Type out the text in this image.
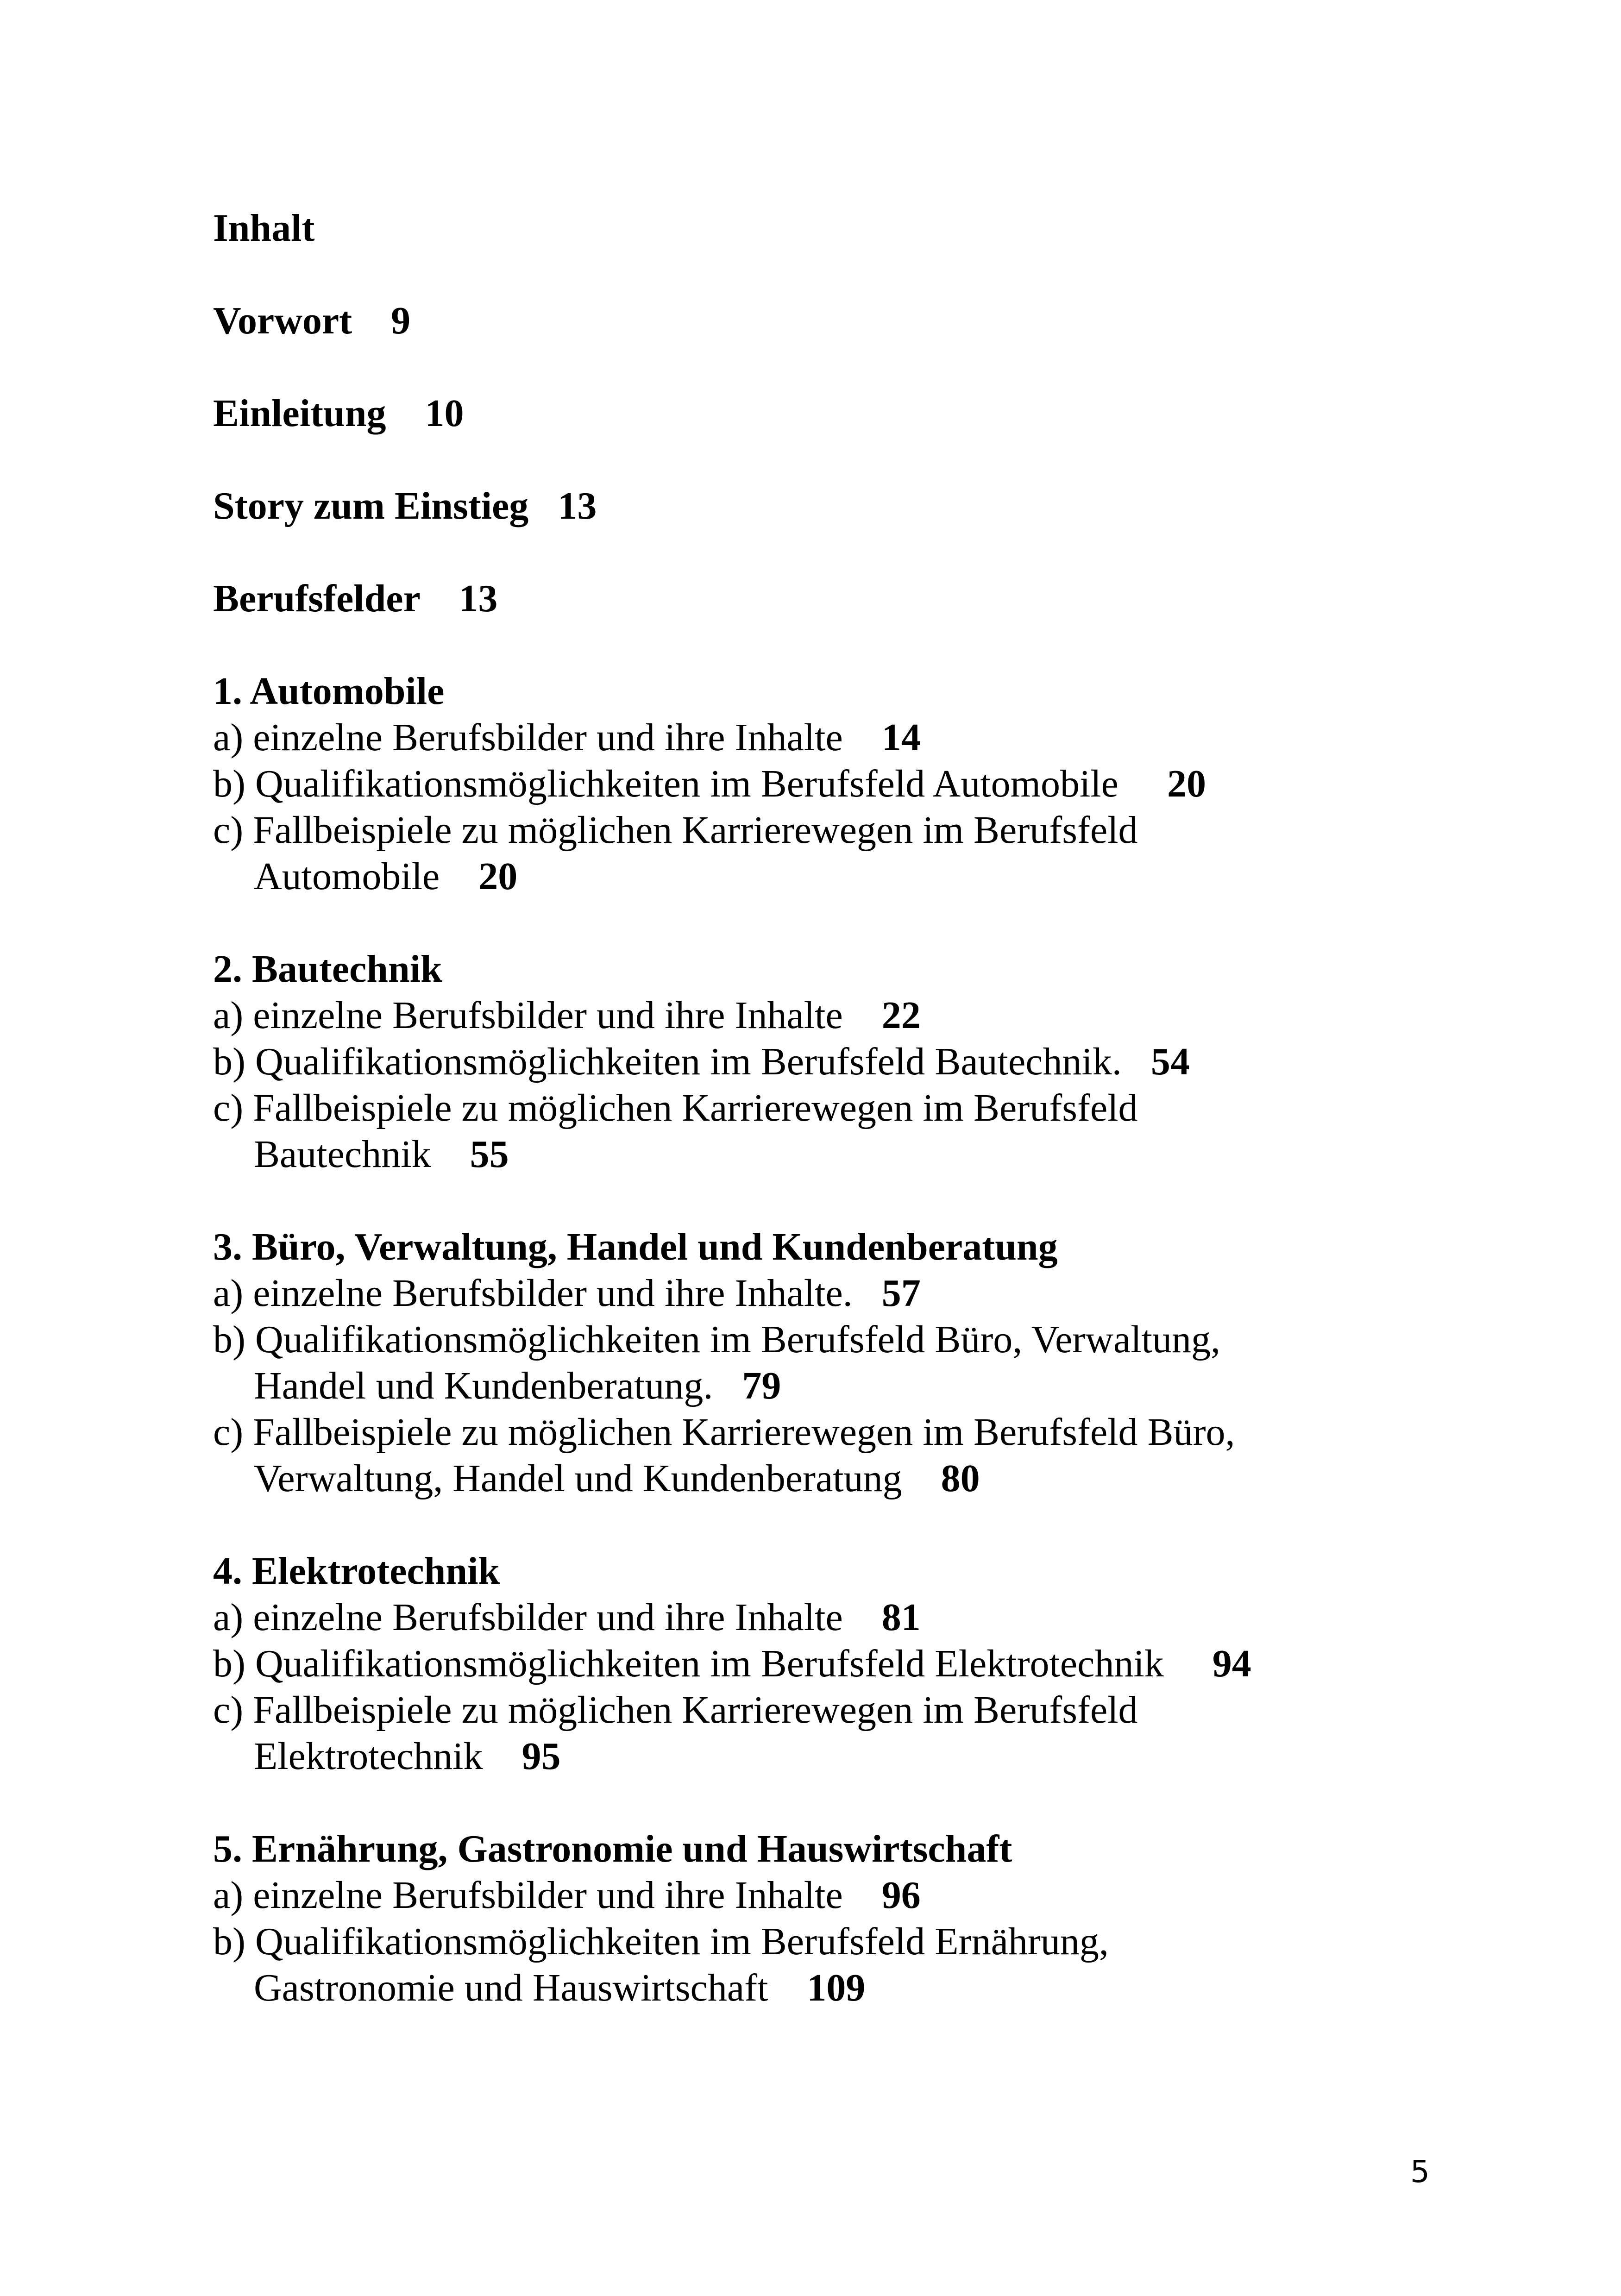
Inhalt
Vorwort 9
Einleitung 10
Story zum Einstieg 13
Berufsfelder 13
1. Automobile
a) einzelne Berufsbilder und ihre Inhalte 14
b) Qualifikationsmöglichkeiten im Berufsfeld Automobile 20
c) Fallbeispiele zu möglichen Karrierewegen im Berufsfeld
Automobile 20
2. Bautechnik
a) einzelne Berufsbilder und ihre Inhalte 22
b) Qualifikationsmöglichkeiten im Berufsfeld Bautechnik. 54
c) Fallbeispiele zu möglichen Karrierewegen im Berufsfeld
Bautechnik 55
3. Büro, Verwaltung, Handel und Kundenberatung
a) einzelne Berufsbilder und ihre Inhalte. 57
b) Qualifikationsmöglichkeiten im Berufsfeld Büro, Verwaltung,
Handel und Kundenberatung. 79
c) Fallbeispiele zu möglichen Karrierewegen im Berufsfeld Büro,
Verwaltung, Handel und Kundenberatung 80
4. Elektrotechnik
a) einzelne Berufsbilder und ihre Inhalte 81
b) Qualifikationsmöglichkeiten im Berufsfeld Elektrotechnik 94
c) Fallbeispiele zu möglichen Karrierewegen im Berufsfeld
Elektrotechnik 95
5. Ernährung, Gastronomie und Hauswirtschaft
a) einzelne Berufsbilder und ihre Inhalte 96
b) Qualifikationsmöglichkeiten im Berufsfeld Ernährung,
Gastronomie und Hauswirtschaft 109
5
